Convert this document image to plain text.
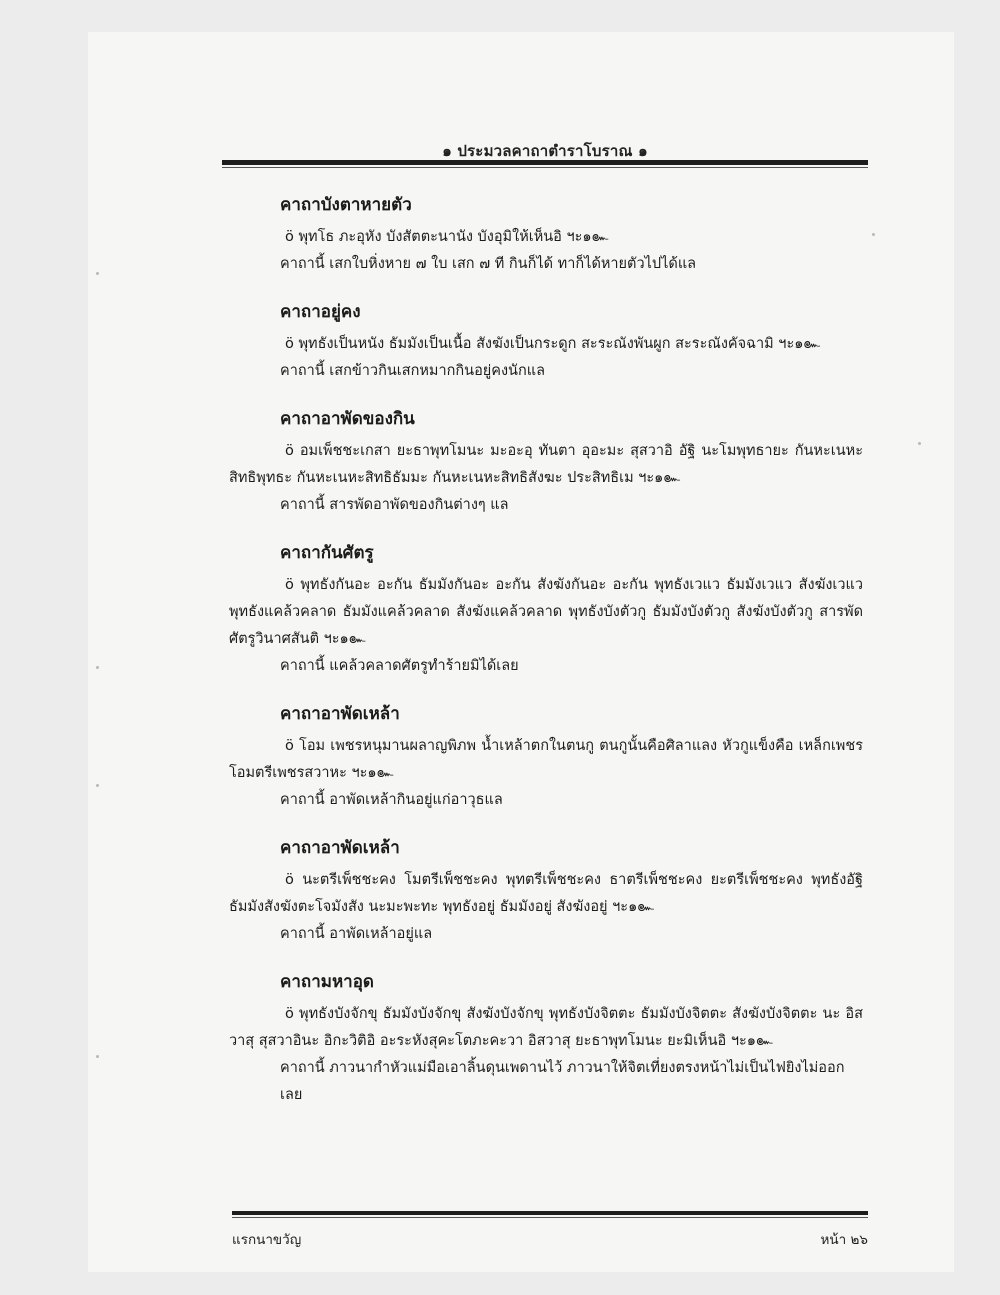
๑ ประมวลคาถาตำราโบราณ ๑
คาถาบังตาหายตัว

ö พุทโธ ภะอุหัง บังสัตตะนานัง บังอุมิให้เห็นอิ ฯะ๑๛

คาถานี้ เสกใบหิ่งหาย ๗ ใบ เสก ๗ ที กินก็ได้ ทาก็ได้หายตัวไปได้แล

คาถาอยู่คง

ö พุทธังเป็นหนัง ธัมมังเป็นเนื้อ สังฆังเป็นกระดูก สะระณังพันผูก สะระณังคัจฉามิ ฯะ๑๛

คาถานี้ เสกข้าวกินเสกหมากกินอยู่คงนักแล

คาถาอาพัดของกิน

ö อมเพ็ชชะเกสา ยะธาพุทโมนะ มะอะอุ ทันตา อุอะมะ สุสวาอิ อัฐิ นะโมพุทธายะ กันหะเนหะ สิทธิพุทธะ กันหะเนหะสิทธิธัมมะ กันหะเนหะสิทธิสังฆะ ประสิทธิเม ฯะ๑๛

คาถานี้ สารพัดอาพัดของกินต่างๆ แล

คาถากันศัตรู

ö พุทธังกันอะ อะกัน ธัมมังกันอะ อะกัน สังฆังกันอะ อะกัน พุทธังเวแว ธัมมังเวแว สังฆังเวแว พุทธังแคล้วคลาด ธัมมังแคล้วคลาด สังฆังแคล้วคลาด พุทธังบังตัวกู ธัมมังบังตัวกู สังฆังบังตัวกู สารพัดศัตรูวินาศสันติ ฯะ๑๛

คาถานี้ แคล้วคลาดศัตรูทำร้ายมิได้เลย

คาถาอาพัดเหล้า

ö โอม เพชรหนุมานผลาญพิภพ น้ำเหล้าตกในตนกู ตนกูนั้นคือศิลาแลง หัวกูแข็งคือ เหล็กเพชร โอมตรีเพชรสวาหะ ฯะ๑๛

คาถานี้ อาพัดเหล้ากินอยู่แก่อาวุธแล

คาถาอาพัดเหล้า

ö นะตรีเพ็ชชะคง โมตรีเพ็ชชะคง พุทตรีเพ็ชชะคง ธาตรีเพ็ชชะคง ยะตรีเพ็ชชะคง พุทธังอัฐิ ธัมมังสังฆังตะโจมังสัง นะมะพะทะ พุทธังอยู่ ธัมมังอยู่ สังฆังอยู่ ฯะ๑๛

คาถานี้ อาพัดเหล้าอยู่แล

คาถามหาอุด

ö พุทธังบังจักขุ ธัมมังบังจักขุ สังฆังบังจักขุ พุทธังบังจิตตะ ธัมมังบังจิตตะ สังฆังบังจิตตะ นะ อิสวาสุ สุสวาอินะ อิกะวิติอิ อะระหังสุคะโตภะคะวา อิสวาสุ ยะธาพุทโมนะ ยะมิเห็นอิ ฯะ๑๛

คาถานี้ ภาวนากำหัวแม่มือเอาลิ้นดุนเพดานไว้ ภาวนาให้จิตเที่ยงตรงหน้าไม่เป็นไฟยิงไม่ออกเลย

แรกนาขวัญ	หน้า ๒๖
